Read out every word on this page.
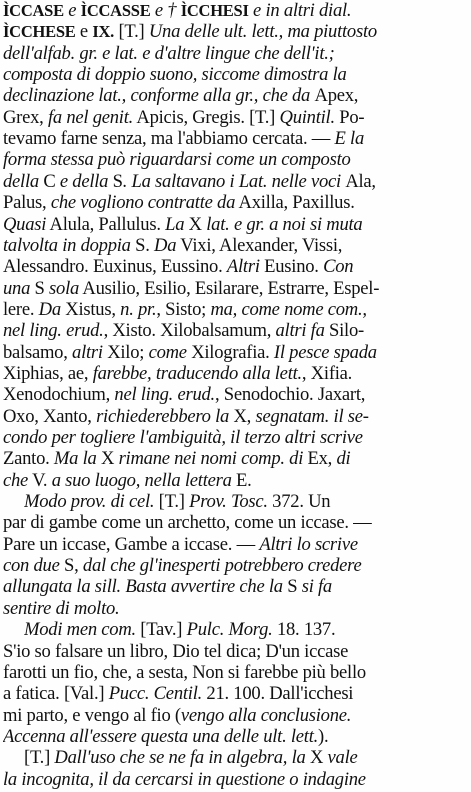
ÌCCASE e ÌCCASSE e † ÌCCHESI e in altri dial.
ÌCCHESE e IX. [T.] Una delle ult. lett., ma piuttosto
dell'alfab. gr. e lat. e d'altre lingue che dell'it.;
composta di doppio suono, siccome dimostra la
declinazione lat., conforme alla gr., che da Apex,
Grex, fa nel genit. Apicis, Gregis. [T.] Quintil. Po-
tevamo farne senza, ma l'abbiamo cercata. — E la
forma stessa può riguardarsi come un composto
della C e della S. La saltavano i Lat. nelle voci Ala,
Palus, che vogliono contratte da Axilla, Paxillus.
Quasi Alula, Pallulus. La X lat. e gr. a noi si muta
talvolta in doppia S. Da Vixi, Alexander, Vissi,
Alessandro. Euxinus, Eussino. Altri Eusino. Con
una S sola Ausilio, Esilio, Esilarare, Estrarre, Espel-
lere. Da Xistus, n. pr., Sisto; ma, come nome com.,
nel ling. erud., Xisto. Xilobalsamum, altri fa Silo-
balsamo, altri Xilo; come Xilografia. Il pesce spada
Xiphias, ae, farebbe, traducendo alla lett., Xifia.
Xenodochium, nel ling. erud., Senodochio. Jaxart,
Oxo, Xanto, richiederebbero la X, segnatam. il se-
condo per togliere l'ambiguità, il terzo altri scrive
Zanto. Ma la X rimane nei nomi comp. di Ex, di
che V. a suo luogo, nella lettera E.
Modo prov. di cel. [T.] Prov. Tosc. 372. Un
par di gambe come un archetto, come un iccase. —
Pare un iccase, Gambe a iccase. — Altri lo scrive
con due S, dal che gl'inesperti potrebbero credere
allungata la sill. Basta avvertire che la S si fa
sentire di molto.
Modi men com. [Tav.] Pulc. Morg. 18. 137.
S'io so falsare un libro, Dio tel dica; D'un iccase
farotti un fio, che, a sesta, Non si farebbe più bello
a fatica. [Val.] Pucc. Centil. 21. 100. Dall'icchesi
mi parto, e vengo al fio (vengo alla conclusione.
Accenna all'essere questa una delle ult. lett.).
[T.] Dall'uso che se ne fa in algebra, la X vale
la incognita, il da cercarsi in questione o indagine
